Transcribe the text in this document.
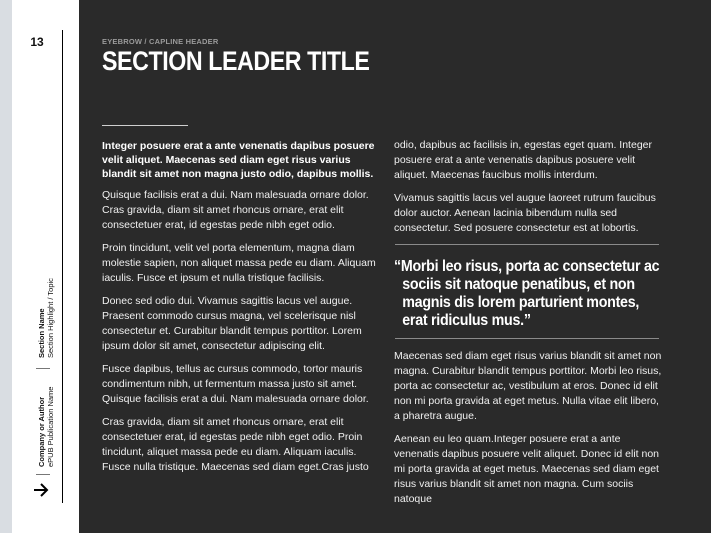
13
Section Name Section Highlight / Topic
Company or Author ePUB Publication Name
EYEBROW / CAPLINE HEADER
SECTION LEADER TITLE

Integer posuere erat a ante venenatis dapibus posuere velit aliquet. Maecenas sed diam eget risus varius blandit sit amet non magna justo odio, dapibus mollis.

Quisque facilisis erat a dui. Nam malesuada ornare dolor. Cras gravida, diam sit amet rhoncus ornare, erat elit consectetuer erat, id egestas pede nibh eget odio.

Proin tincidunt, velit vel porta elementum, magna diam molestie sapien, non aliquet massa pede eu diam. Aliquam iaculis. Fusce et ipsum et nulla tristique facilisis.

Donec sed odio dui. Vivamus sagittis lacus vel augue. Praesent commodo cursus magna, vel scelerisque nisl consectetur et. Curabitur blandit tempus porttitor. Lorem ipsum dolor sit amet, consectetur adipiscing elit.

Fusce dapibus, tellus ac cursus commodo, tortor mauris condimentum nibh, ut fermentum massa justo sit amet. Quisque facilisis erat a dui. Nam malesuada ornare dolor.

Cras gravida, diam sit amet rhoncus ornare, erat elit consectetuer erat, id egestas pede nibh eget odio. Proin tincidunt, aliquet massa pede eu diam. Aliquam iaculis. Fusce nulla tristique. Maecenas sed diam eget.Cras justo

odio, dapibus ac facilisis in, egestas eget quam. Integer posuere erat a ante venenatis dapibus posuere velit aliquet. Maecenas faucibus mollis interdum.

Vivamus sagittis lacus vel augue laoreet rutrum faucibus dolor auctor. Aenean lacinia bibendum nulla sed consectetur. Sed posuere consectetur est at lobortis.

“Morbi leo risus, porta ac consectetur ac sociis sit natoque penatibus, et non magnis dis lorem parturient montes, erat ridiculus mus.”

Maecenas sed diam eget risus varius blandit sit amet non magna. Curabitur blandit tempus porttitor. Morbi leo risus, porta ac consectetur ac, vestibulum at eros. Donec id elit non mi porta gravida at eget metus. Nulla vitae elit libero, a pharetra augue.

Aenean eu leo quam.Integer posuere erat a ante venenatis dapibus posuere velit aliquet. Donec id elit non mi porta gravida at eget metus. Maecenas sed diam eget risus varius blandit sit amet non magna. Cum sociis natoque
